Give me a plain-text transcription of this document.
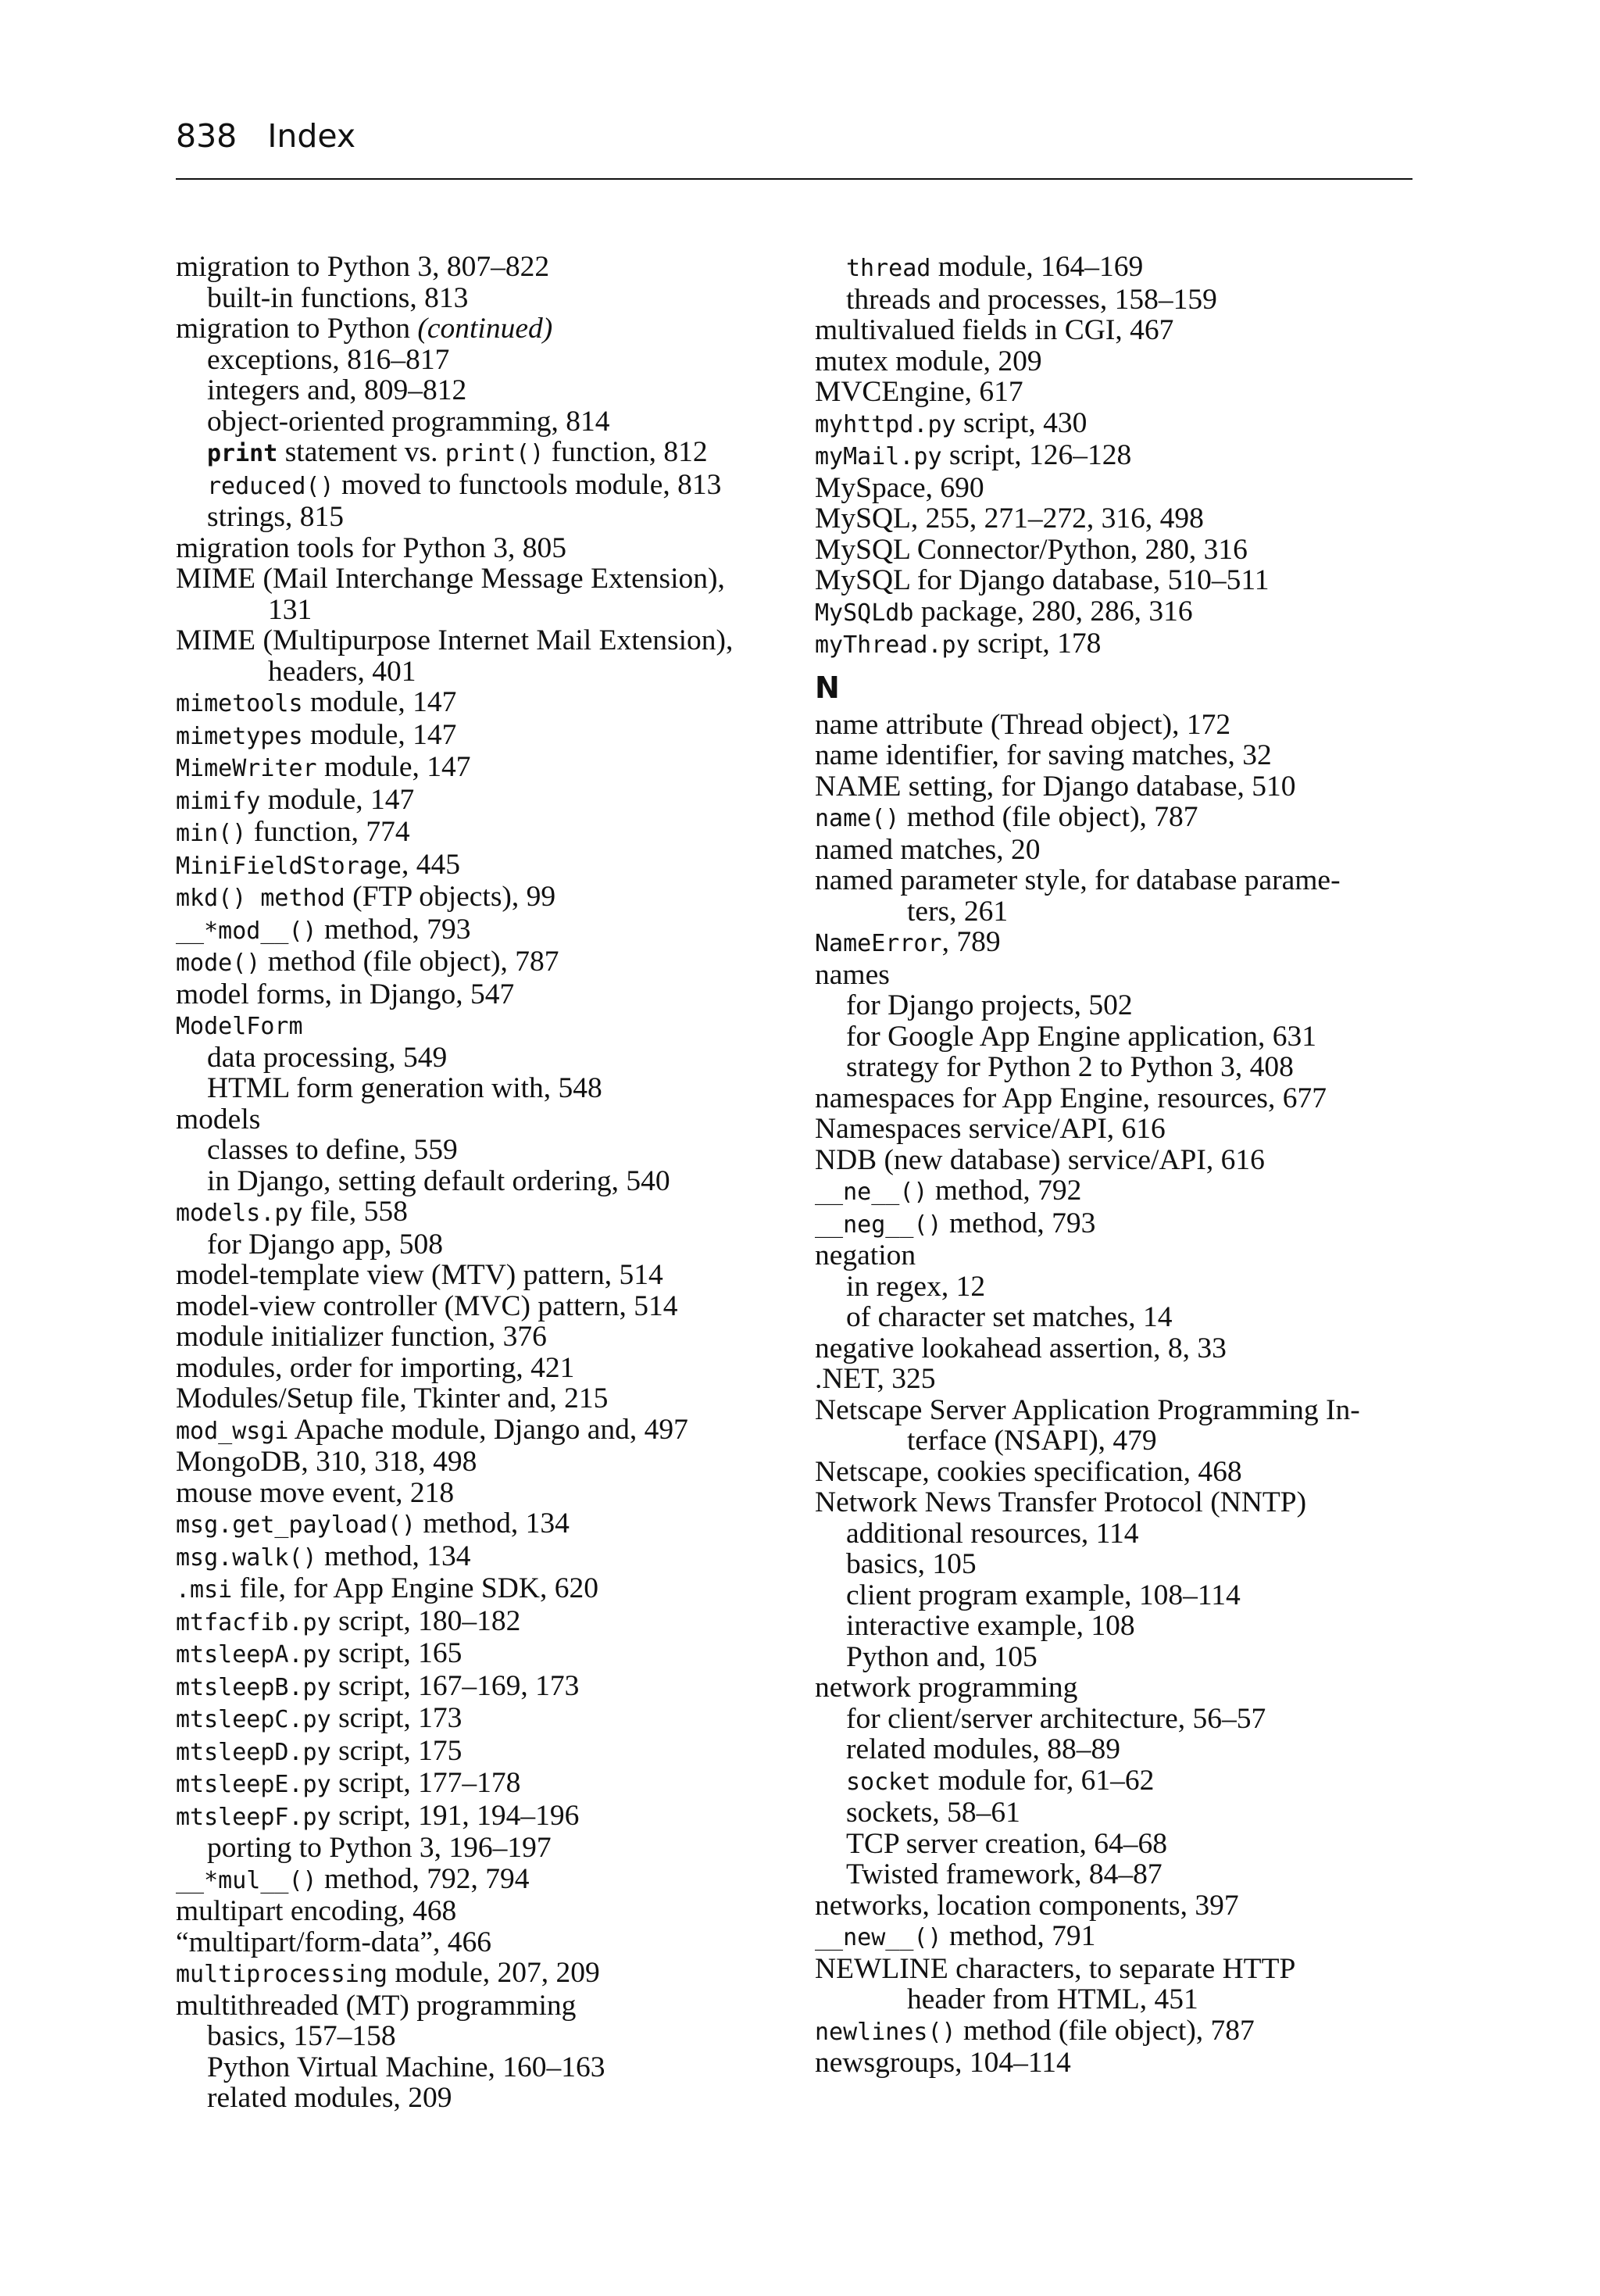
838 Index
migration to Python 3, 807–822
built-in functions, 813
migration to Python (continued)
exceptions, 816–817
integers and, 809–812
object-oriented programming, 814
print statement vs. print() function, 812
reduced() moved to functools module, 813
strings, 815
migration tools for Python 3, 805
MIME (Mail Interchange Message Extension),
131
MIME (Multipurpose Internet Mail Extension),
headers, 401
mimetools module, 147
mimetypes module, 147
MimeWriter module, 147
mimify module, 147
min() function, 774
MiniFieldStorage, 445
mkd() method (FTP objects), 99
__*mod__() method, 793
mode() method (file object), 787
model forms, in Django, 547
ModelForm
data processing, 549
HTML form generation with, 548
models
classes to define, 559
in Django, setting default ordering, 540
models.py file, 558
for Django app, 508
model-template view (MTV) pattern, 514
model-view controller (MVC) pattern, 514
module initializer function, 376
modules, order for importing, 421
Modules/Setup file, Tkinter and, 215
mod_wsgi Apache module, Django and, 497
MongoDB, 310, 318, 498
mouse move event, 218
msg.get_payload() method, 134
msg.walk() method, 134
.msi file, for App Engine SDK, 620
mtfacfib.py script, 180–182
mtsleepA.py script, 165
mtsleepB.py script, 167–169, 173
mtsleepC.py script, 173
mtsleepD.py script, 175
mtsleepE.py script, 177–178
mtsleepF.py script, 191, 194–196
porting to Python 3, 196–197
__*mul__() method, 792, 794
multipart encoding, 468
“multipart/form-data”, 466
multiprocessing module, 207, 209
multithreaded (MT) programming
basics, 157–158
Python Virtual Machine, 160–163
related modules, 209
thread module, 164–169
threads and processes, 158–159
multivalued fields in CGI, 467
mutex module, 209
MVCEngine, 617
myhttpd.py script, 430
myMail.py script, 126–128
MySpace, 690
MySQL, 255, 271–272, 316, 498
MySQL Connector/Python, 280, 316
MySQL for Django database, 510–511
MySQLdb package, 280, 286, 316
myThread.py script, 178
N
name attribute (Thread object), 172
name identifier, for saving matches, 32
NAME setting, for Django database, 510
name() method (file object), 787
named matches, 20
named parameter style, for database parame-
ters, 261
NameError, 789
names
for Django projects, 502
for Google App Engine application, 631
strategy for Python 2 to Python 3, 408
namespaces for App Engine, resources, 677
Namespaces service/API, 616
NDB (new database) service/API, 616
__ne__() method, 792
__neg__() method, 793
negation
in regex, 12
of character set matches, 14
negative lookahead assertion, 8, 33
.NET, 325
Netscape Server Application Programming In-
terface (NSAPI), 479
Netscape, cookies specification, 468
Network News Transfer Protocol (NNTP)
additional resources, 114
basics, 105
client program example, 108–114
interactive example, 108
Python and, 105
network programming
for client/server architecture, 56–57
related modules, 88–89
socket module for, 61–62
sockets, 58–61
TCP server creation, 64–68
Twisted framework, 84–87
networks, location components, 397
__new__() method, 791
NEWLINE characters, to separate HTTP
header from HTML, 451
newlines() method (file object), 787
newsgroups, 104–114
